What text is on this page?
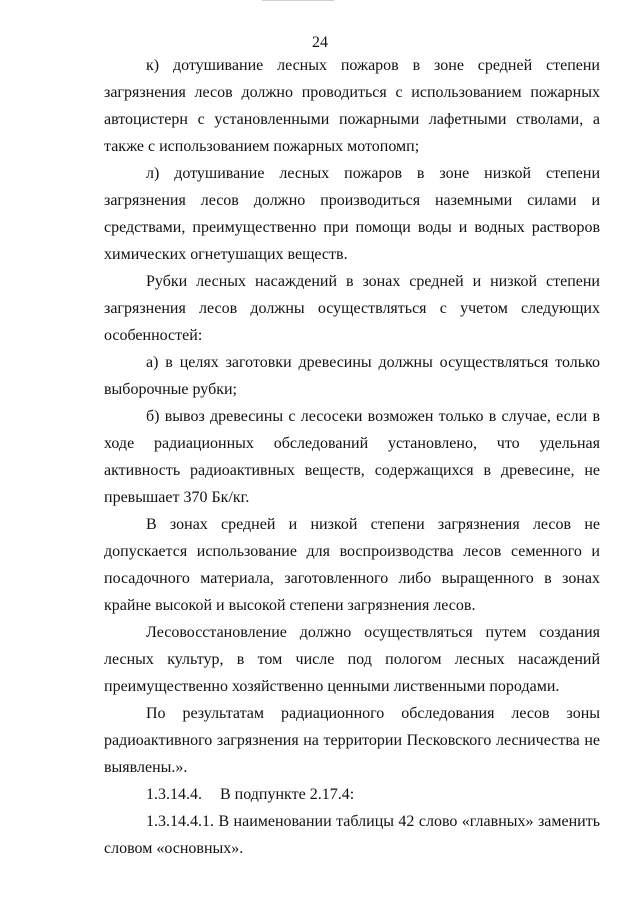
24

к) дотушивание лесных пожаров в зоне средней степени загрязнения лесов должно проводиться с использованием пожарных автоцистерн с установленными пожарными лафетными стволами, а также с использованием пожарных мотопомп;

л) дотушивание лесных пожаров в зоне низкой степени загрязнения лесов должно производиться наземными силами и средствами, преимущественно при помощи воды и водных растворов химических огнетушащих веществ.

Рубки лесных насаждений в зонах средней и низкой степени загрязнения лесов должны осуществляться с учетом следующих особенностей:

а) в целях заготовки древесины должны осуществляться только выборочные рубки;

б) вывоз древесины с лесосеки возможен только в случае, если в ходе радиационных обследований установлено, что удельная активность радиоактивных веществ, содержащихся в древесине, не превышает 370 Бк/кг.

В зонах средней и низкой степени загрязнения лесов не допускается использование для воспроизводства лесов семенного и посадочного материала, заготовленного либо выращенного в зонах крайне высокой и высокой степени загрязнения лесов.

Лесовосстановление должно осуществляться путем создания лесных культур, в том числе под пологом лесных насаждений преимущественно хозяйственно ценными лиственными породами.

По результатам радиационного обследования лесов зоны радиоактивного загрязнения на территории Песковского лесничества не выявлены.».

1.3.14.4. В подпункте 2.17.4:

1.3.14.4.1. В наименовании таблицы 42 слово «главных» заменить словом «основных».
